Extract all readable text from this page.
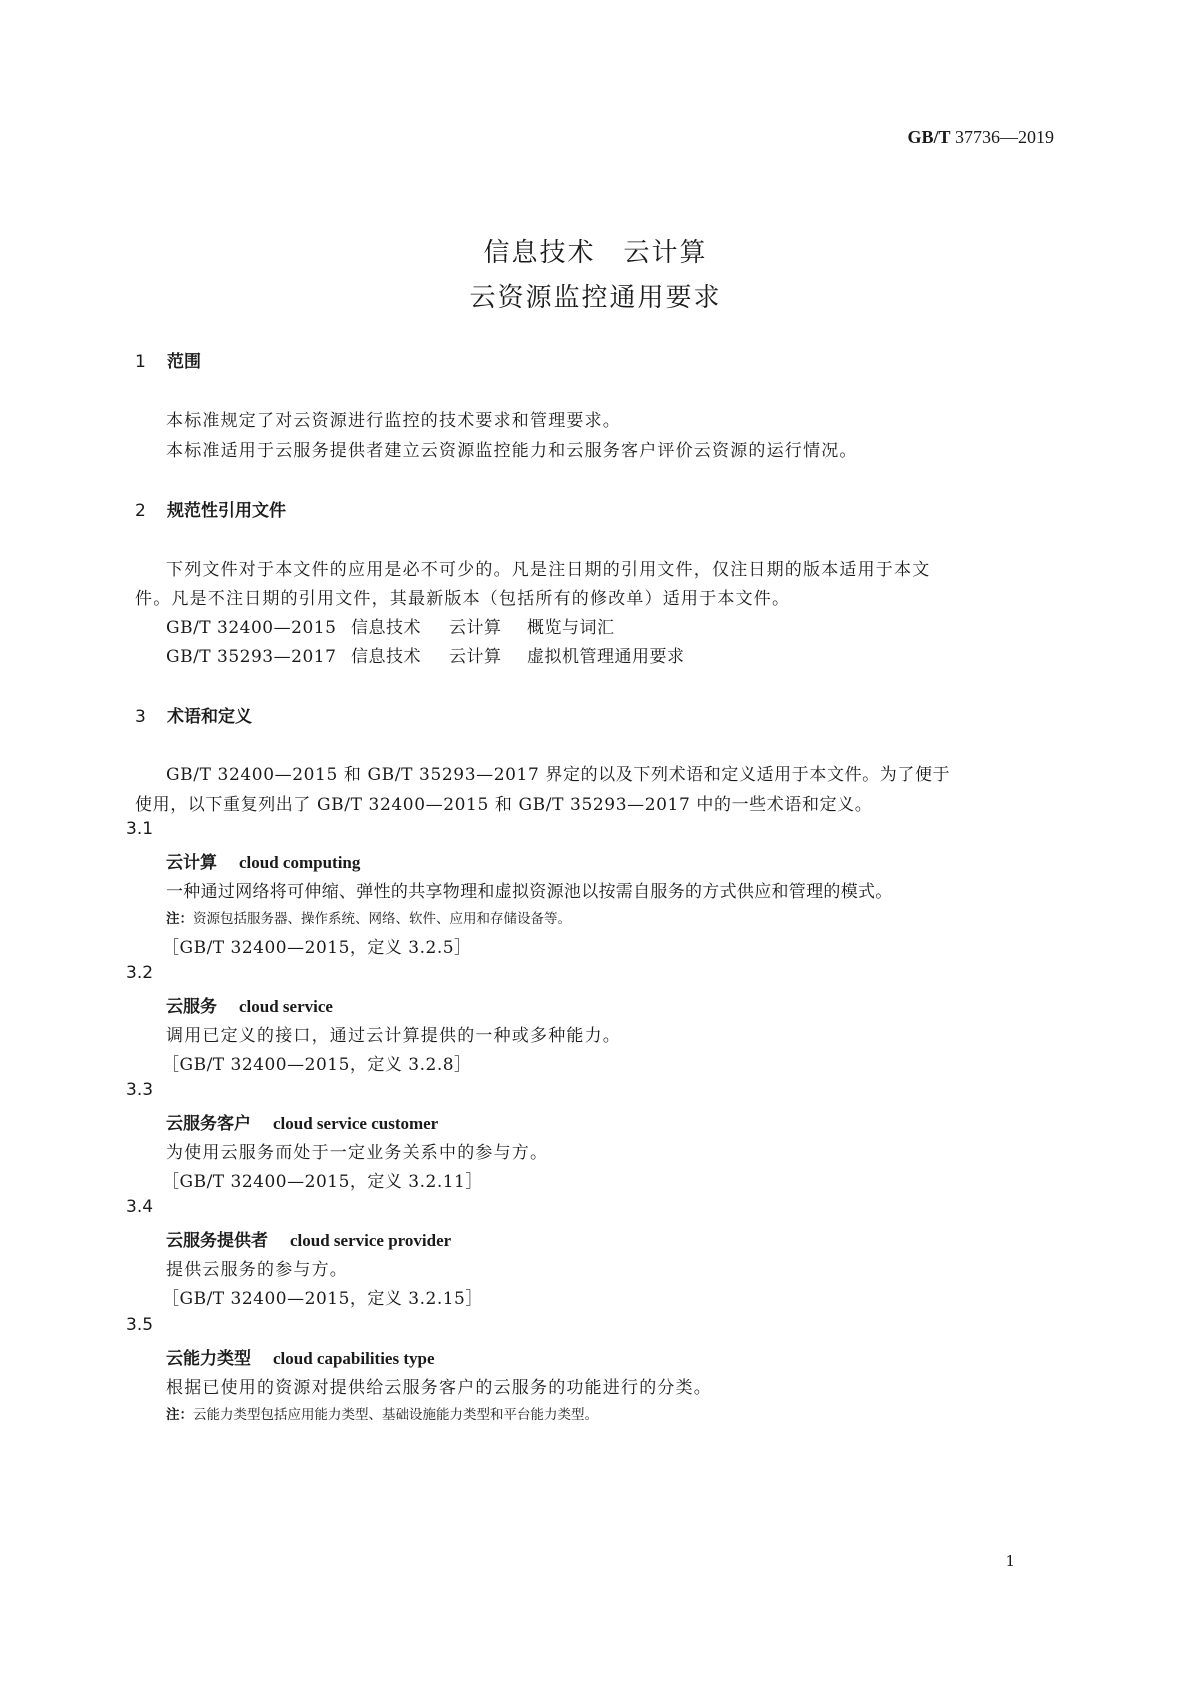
GB/T 37736—2019
信息技术　云计算
云资源监控通用要求
1 范围
本标准规定了对云资源进行监控的技术要求和管理要求。
本标准适用于云服务提供者建立云资源监控能力和云服务客户评价云资源的运行情况。
2 规范性引用文件
下列文件对于本文件的应用是必不可少的。凡是注日期的引用文件，仅注日期的版本适用于本文
件。凡是不注日期的引用文件，其最新版本（包括所有的修改单）适用于本文件。
GB/T 32400—2015 信息技术 云计算 概览与词汇
GB/T 35293—2017 信息技术 云计算 虚拟机管理通用要求
3 术语和定义
GB/T 32400—2015 和 GB/T 35293—2017 界定的以及下列术语和定义适用于本文件。为了便于
使用，以下重复列出了 GB/T 32400—2015 和 GB/T 35293—2017 中的一些术语和定义。
3.1
云计算 cloud computing
一种通过网络将可伸缩、弹性的共享物理和虚拟资源池以按需自服务的方式供应和管理的模式。
注：资源包括服务器、操作系统、网络、软件、应用和存储设备等。
［GB/T 32400—2015，定义 3.2.5］
3.2
云服务 cloud service
调用已定义的接口，通过云计算提供的一种或多种能力。
［GB/T 32400—2015，定义 3.2.8］
3.3
云服务客户 cloud service customer
为使用云服务而处于一定业务关系中的参与方。
［GB/T 32400—2015，定义 3.2.11］
3.4
云服务提供者 cloud service provider
提供云服务的参与方。
［GB/T 32400—2015，定义 3.2.15］
3.5
云能力类型 cloud capabilities type
根据已使用的资源对提供给云服务客户的云服务的功能进行的分类。
注：云能力类型包括应用能力类型、基础设施能力类型和平台能力类型。
1
